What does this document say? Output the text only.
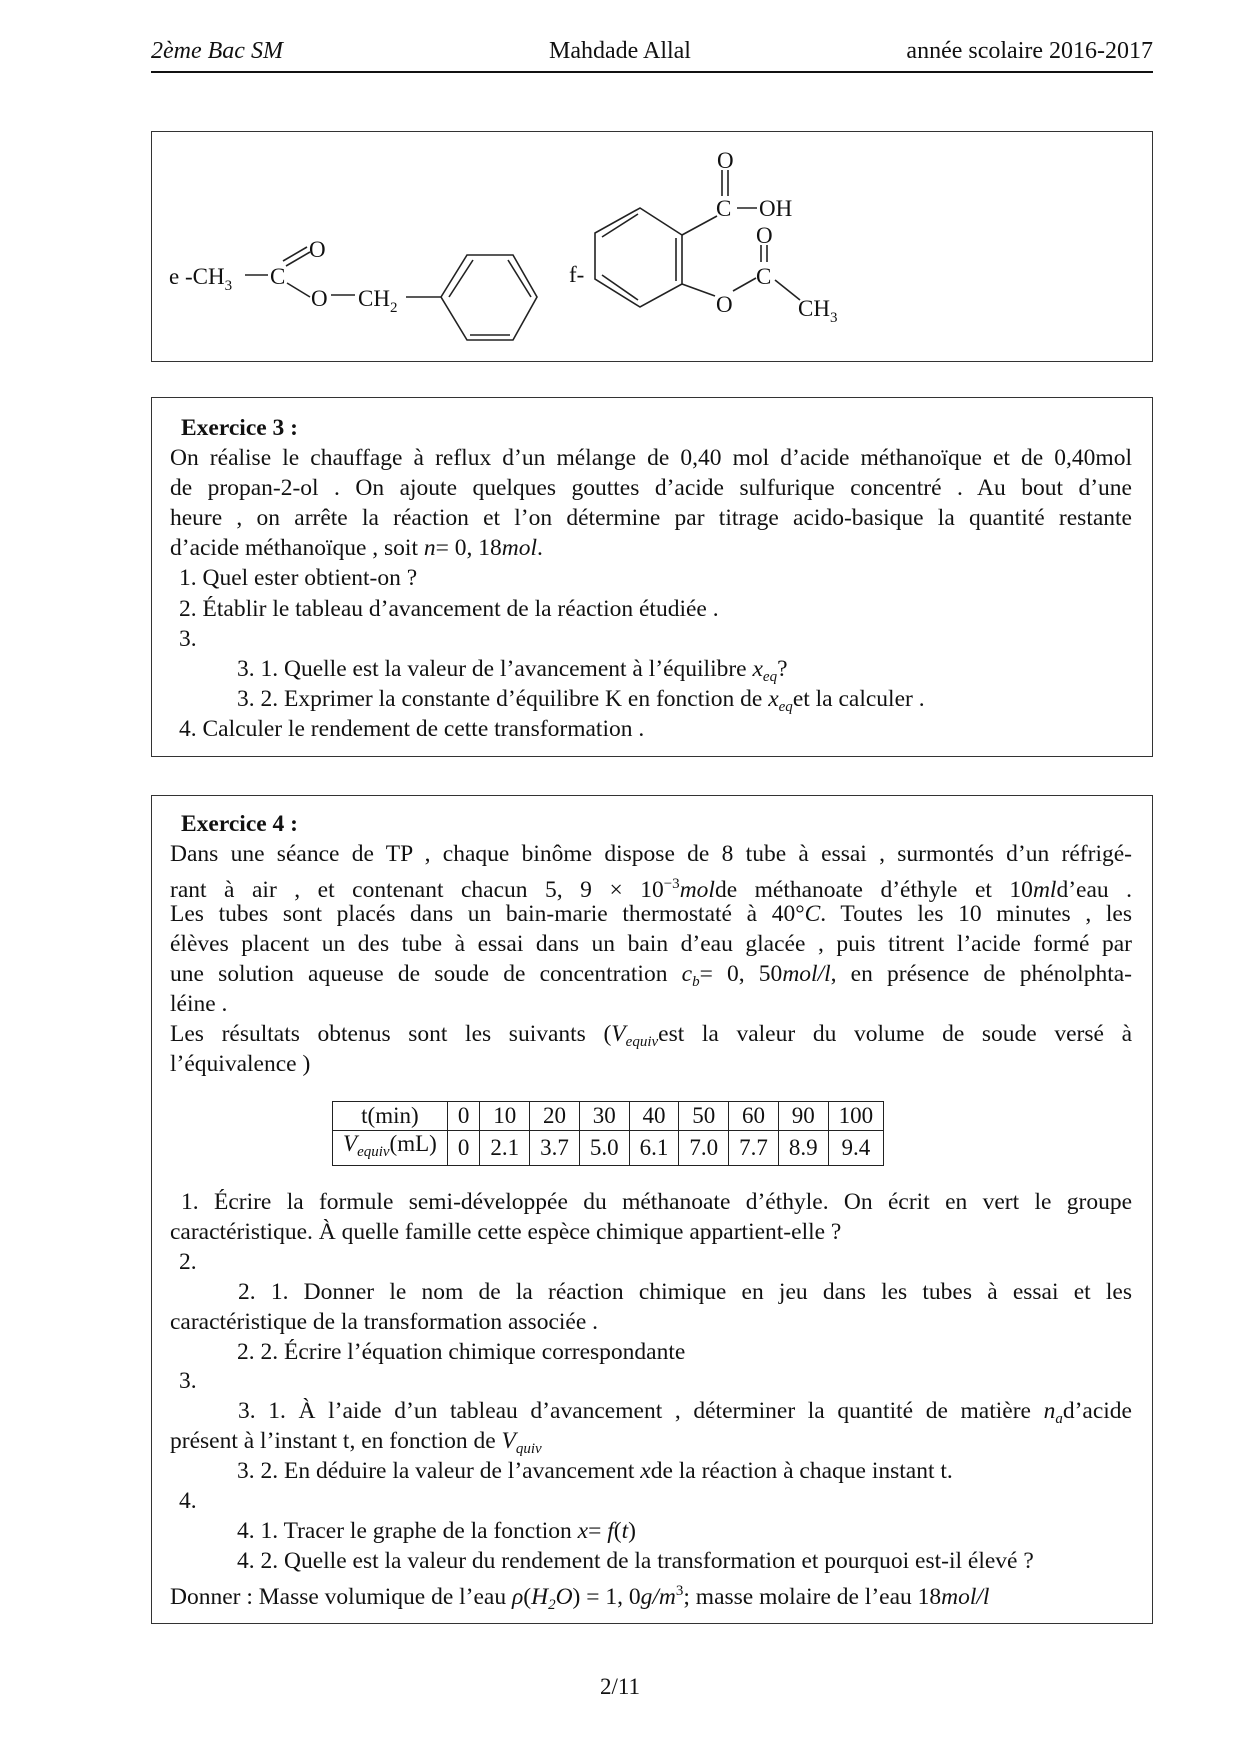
2ème Bac SM	Mahdade Allal	année scolaire 2016-2017
e $-CH_3$ C
O
O $CH_2$
f-
O
C OH
O
C
O	$CH_3$
Exercice 3 :
On réalise le chauffage à reflux d’un mélange de 0,40 mol d’acide méthanoïque et de 0,40mol
de propan-2-ol . On ajoute quelques gouttes d’acide sulfurique concentré . Au bout d’une
heure , on arrête la réaction et l’on détermine par titrage acido-basique la quantité restante
d’acide méthanoïque , soit n= 0, 18mol.
1. Quel ester obtient-on ?
2. Établir le tableau d’avancement de la réaction étudiée .
3.
3. 1. Quelle est la valeur de l’avancement à l’équilibre $x_{eq}$?
3. 2. Exprimer la constante d’équilibre K en fonction de $x_{eq}et$ la calculer .
4. Calculer le rendement de cette transformation .
Exercice 4 :
Dans une séance de TP , chaque binôme dispose de 8 tube à essai , surmontés d’un réfrigé-
rant à air , et contenant chacun 5, $9 \times 10^{-3}molde$ méthanoate d’éthyle et 10mld’eau .
Les tubes sont placés dans un bain-marie thermostaté à 40°C. Toutes les 10 minutes , les
élèves placent un des tube à essai dans un bain d’eau glacée , puis titrent l’acide formé par
une solution aqueuse de soude de concentration $c_b= 0$, 50mol/l, en présence de phénolphta-
léine .
Les résultats obtenus sont les suivants ($V_{equiv}est$ la valeur du volume de soude versé à
l’équivalence )
t(min)	0	10	20	30	40	50	60	90	100
$V_{equiv}(mL)$	0	2.1	3.7	5.0	6.1	7.0	7.7	8.9	9.4
1. Écrire la formule semi-développée du méthanoate d’éthyle. On écrit en vert le groupe
caractéristique. À quelle famille cette espèce chimique appartient-elle ?
2.
2. 1. Donner le nom de la réaction chimique en jeu dans les tubes à essai et les
caractéristique de la transformation associée .
2. 2. Écrire l’équation chimique correspondante
3.
3. 1. À l’aide d’un tableau d’avancement , déterminer la quantité de matière $n_ad’acide$
présent à l’instant t, en fonction de $V_{quiv}$
3. 2. En déduire la valeur de l’avancement xde la réaction à chaque instant t.
4.
4. 1. Tracer le graphe de la fonction x= f(t)
4. 2. Quelle est la valeur du rendement de la transformation et pourquoi est-il élevé ?
Donner : Masse volumique de l’eau $\rho(H_2O) = 1$, $0g/m^3$; masse molaire de l’eau 18mol/l
2/11
